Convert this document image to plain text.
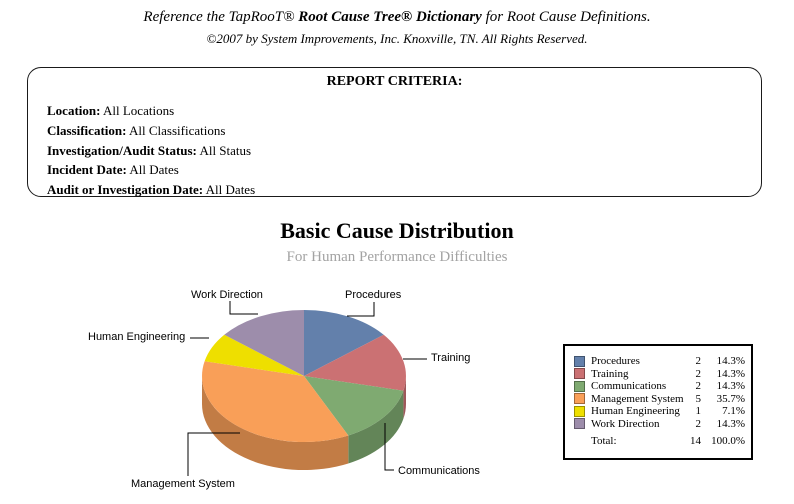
Reference the TapRooT® Root Cause Tree® Dictionary for Root Cause Definitions.
©2007 by System Improvements, Inc. Knoxville, TN. All Rights Reserved.
REPORT CRITERIA:
Location: All Locations
Classification: All Classifications
Investigation/Audit Status: All Status
Incident Date: All Dates
Audit or Investigation Date: All Dates
Basic Cause Distribution
For Human Performance Difficulties
Work Direction	Procedures
Human Engineering
Training
Communications
Management System
Procedures	2	14.3%
Training	2	14.3%
Communications	2	14.3%
Management System	5	35.7%
Human Engineering	1	7.1%
Work Direction	2	14.3%
Total:	14 100.0%
